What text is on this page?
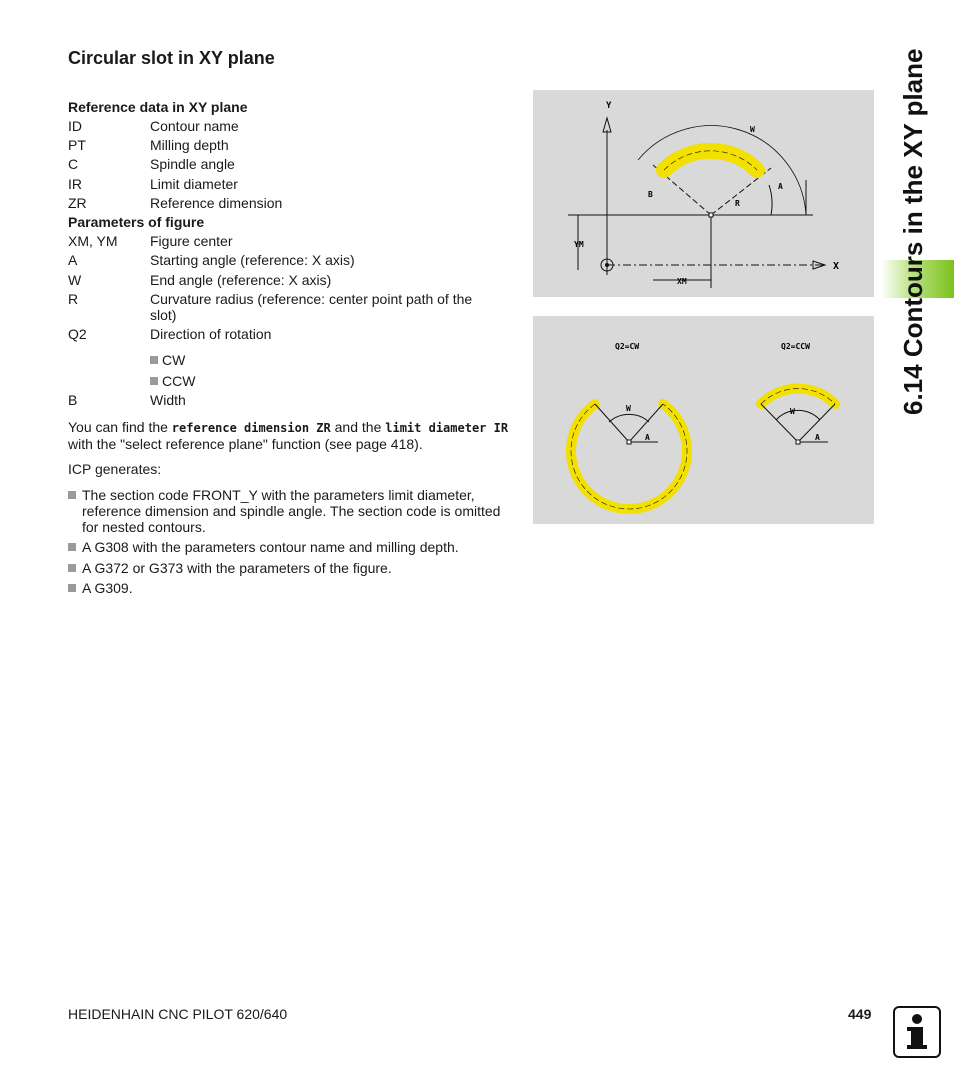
Circular slot in XY plane
Reference data in XY plane
ID	Contour name
PT	Milling depth
C	Spindle angle
IR	Limit diameter
ZR	Reference dimension
Parameters of figure
XM, YM	Figure center
A	Starting angle (reference: X axis)
W	End angle (reference: X axis)
R	Curvature radius (reference: center point path of the slot)
Q2	Direction of rotation
CW
CCW
B	Width
You can find the reference dimension ZR and the limit diameter IR with the "select reference plane" function (see page 418).
ICP generates:
The section code FRONT_Y with the parameters limit diameter, reference dimension and spindle angle. The section code is omitted for nested contours.
A G308 with the parameters contour name and milling depth.
A G372 or G373 with the parameters of the figure.
A G309.
YM
XM
Y
X
W
A
B
R
Q2=CW	Q2=CCW
W
A
W
A
6.14 Contours in the XY plane
HEIDENHAIN CNC PILOT 620/640	449
